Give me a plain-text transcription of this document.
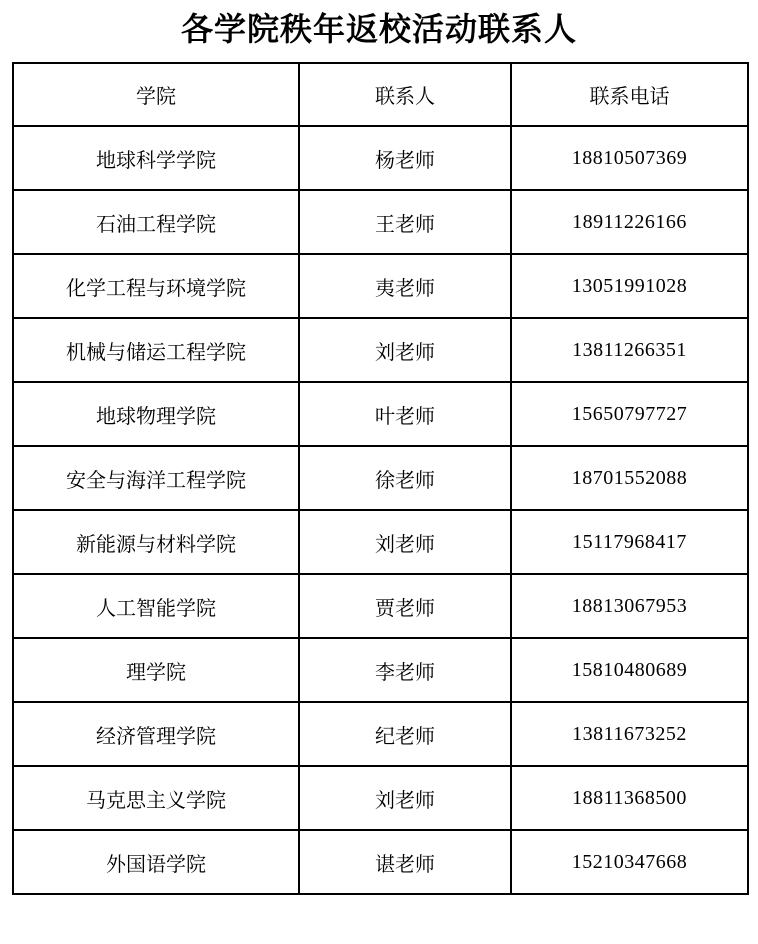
各学院秩年返校活动联系人
学院	联系人	联系电话
地球科学学院	杨老师	18810507369
石油工程学院	王老师	18911226166
化学工程与环境学院	夷老师	13051991028
机械与储运工程学院	刘老师	13811266351
地球物理学院	叶老师	15650797727
安全与海洋工程学院	徐老师	18701552088
新能源与材料学院	刘老师	15117968417
人工智能学院	贾老师	18813067953
理学院	李老师	15810480689
经济管理学院	纪老师	13811673252
马克思主义学院	刘老师	18811368500
外国语学院	谌老师	15210347668
